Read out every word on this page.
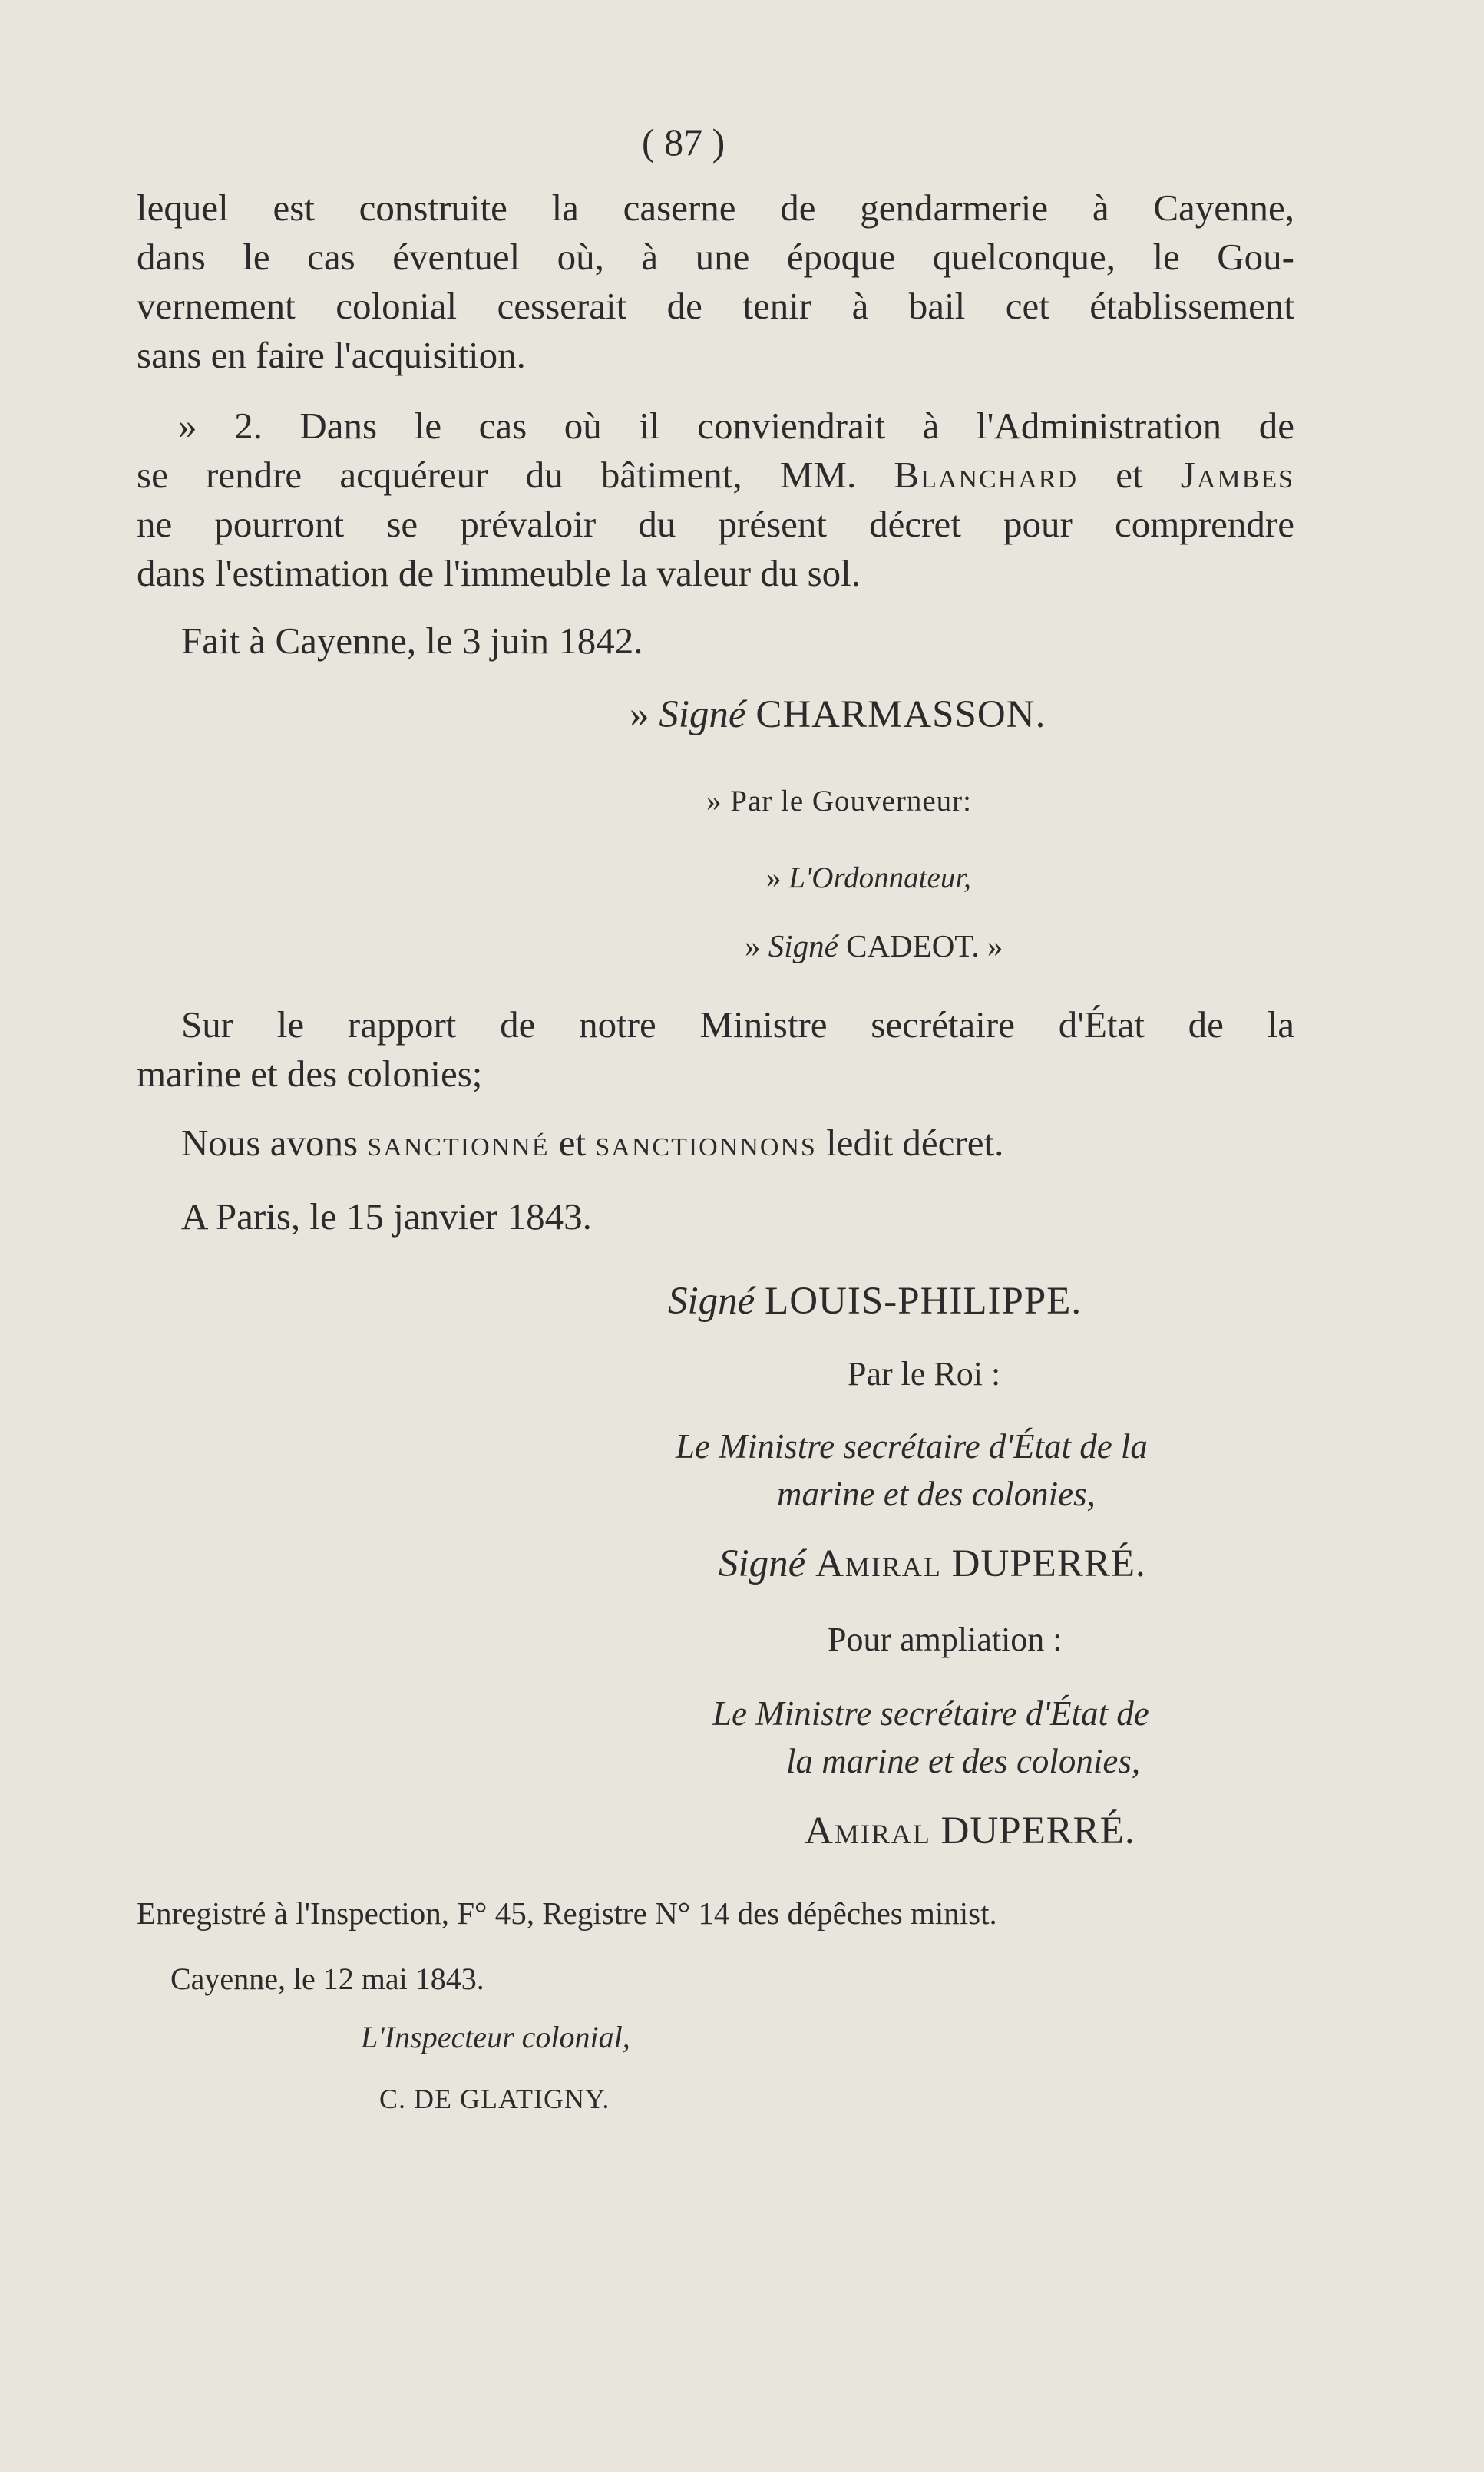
( 87 )
lequel est construite la caserne de gendarmerie à Cayenne,
dans le cas éventuel où, à une époque quelconque, le Gou-
vernement colonial cesserait de tenir à bail cet établissement
sans en faire l'acquisition.
» 2. Dans le cas où il conviendrait à l'Administration de
se rendre acquéreur du bâtiment, MM. Blanchard et Jambes
ne pourront se prévaloir du présent décret pour comprendre
dans l'estimation de l'immeuble la valeur du sol.
Fait à Cayenne, le 3 juin 1842.
» Signé CHARMASSON.
» Par le Gouverneur:
» L'Ordonnateur,
» Signé CADEOT. »
Sur le rapport de notre Ministre secrétaire d'État de la
marine et des colonies;
Nous avons sanctionné et sanctionnons ledit décret.
A Paris, le 15 janvier 1843.
Signé LOUIS-PHILIPPE.
Par le Roi :
Le Ministre secrétaire d'État de la
marine et des colonies,
Signé Amiral DUPERRÉ.
Pour ampliation :
Le Ministre secrétaire d'État de
la marine et des colonies,
Amiral DUPERRÉ.
Enregistré à l'Inspection, F° 45, Registre N° 14 des dépêches minist.
Cayenne, le 12 mai 1843.
L'Inspecteur colonial,
C. DE GLATIGNY.
